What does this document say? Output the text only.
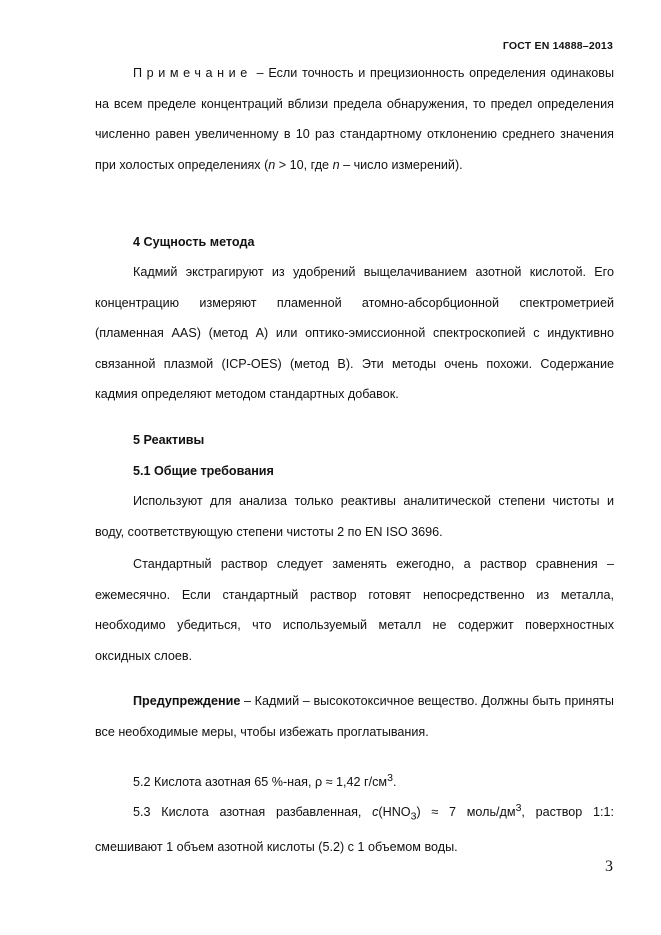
ГОСТ EN 14888–2013

Примечание – Если точность и прецизионность определения одинаковы на всем пределе концентраций вблизи предела обнаружения, то предел определения численно равен увеличенному в 10 раз стандартному отклонению среднего значения при холостых определениях (n > 10, где n – число измерений).

4 Сущность метода

Кадмий экстрагируют из удобрений выщелачиванием азотной кислотой. Его концентрацию измеряют пламенной атомно-абсорбционной спектрометрией (пламенная AAS) (метод А) или оптико-эмиссионной спектроскопией с индуктивно связанной плазмой (ICP-OES) (метод В). Эти методы очень похожи. Содержание кадмия определяют методом стандартных добавок.

5 Реактивы
5.1 Общие требования

Используют для анализа только реактивы аналитической степени чистоты и воду, соответствующую степени чистоты 2 по EN ISO 3696.

Стандартный раствор следует заменять ежегодно, а раствор сравнения – ежемесячно. Если стандартный раствор готовят непосредственно из металла, необходимо убедиться, что используемый металл не содержит поверхностных оксидных слоев.

Предупреждение – Кадмий – высокотоксичное вещество. Должны быть приняты все необходимые меры, чтобы избежать проглатывания.

5.2 Кислота азотная 65 %-ная, ρ ≈ 1,42 $г/см^3$.

5.3 Кислота азотная разбавленная, $c(HNO_3) \approx 7$ моль/$дм^3$, раствор 1:1: смешивают 1 объем азотной кислоты (5.2) с 1 объемом воды.

3
